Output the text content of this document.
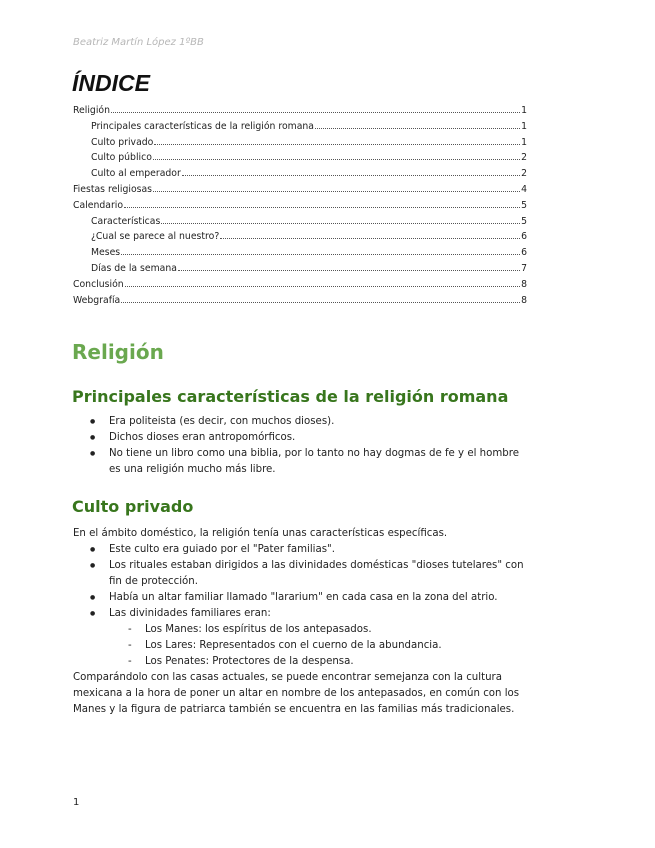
Beatriz Martín López 1ºBB
ÍNDICE
Religión	1
Principales características de la religión romana	1
Culto privado	1
Culto público	2
Culto al emperador	2
Fiestas religiosas	4
Calendario	5
Características	5
¿Cual se parece al nuestro?	6
Meses	6
Días de la semana	7
Conclusión	8
Webgrafía	8
Religión
Principales características de la religión romana
● Era politeista (es decir, con muchos dioses).
● Dichos dioses eran antropomórficos.
● No tiene un libro como una biblia, por lo tanto no hay dogmas de fe y el hombre es una religión mucho más libre.
Culto privado

En el ámbito doméstico, la religión tenía unas características específicas.

● Este culto era guiado por el "Pater familias".
● Los rituales estaban dirigidos a las divinidades domésticas "dioses tutelares" con fin de protección.
● Había un altar familiar llamado "lararium" en cada casa en la zona del atrio.
● Las divinidades familiares eran:
- Los Manes: los espíritus de los antepasados.
- Los Lares: Representados con el cuerno de la abundancia.
- Los Penates: Protectores de la despensa.

Comparándolo con las casas actuales, se puede encontrar semejanza con la cultura mexicana a la hora de poner un altar en nombre de los antepasados, en común con los Manes y la figura de patriarca también se encuentra en las familias más tradicionales.

1
